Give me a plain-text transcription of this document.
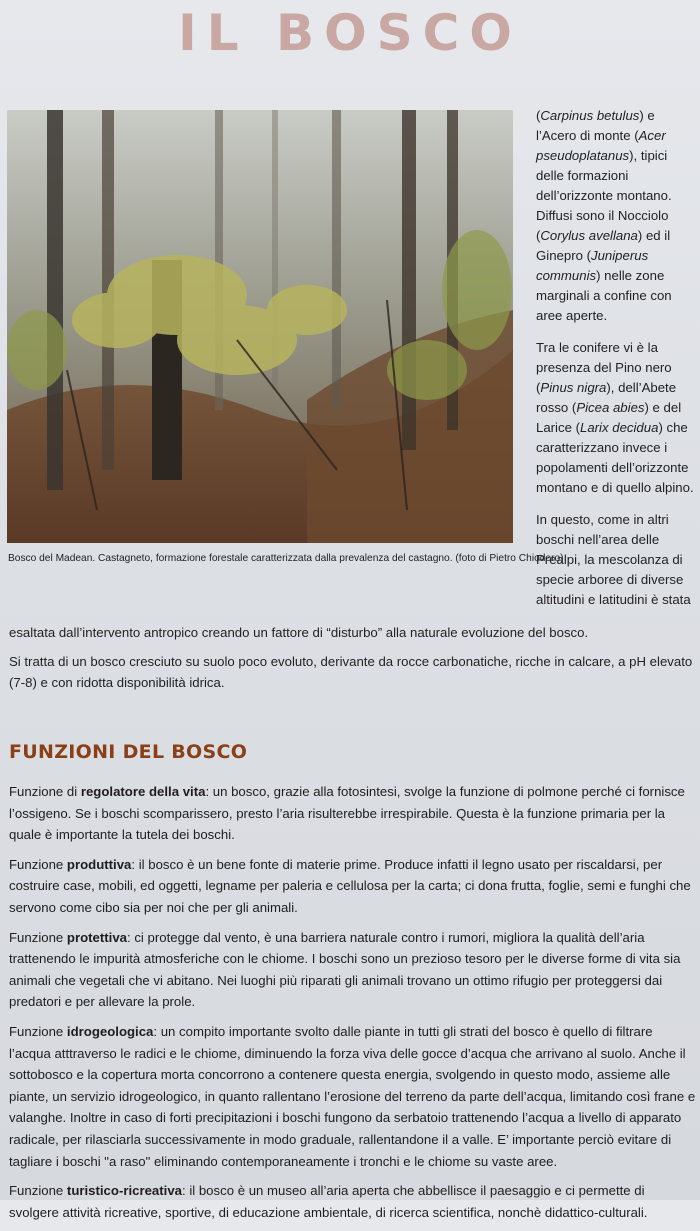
IL BOSCO
Bosco del Madean. Castagneto, formazione forestale caratterizzata dalla prevalenza del castagno. (foto di Pietro Chiodero)

(Carpinus betulus) e l’Acero di monte (Acer pseudoplatanus), tipici delle formazioni dell’orizzonte montano. Diffusi sono il Nocciolo (Corylus avellana) ed il Ginepro (Juniperus communis) nelle zone marginali a confine con aree aperte.

Tra le conifere vi è la presenza del Pino nero (Pinus nigra), dell’Abete rosso (Picea abies) e del Larice (Larix decidua) che caratterizzano invece i popolamenti dell’orizzonte montano e di quello alpino.

In questo, come in altri boschi nell’area delle Prealpi, la mescolanza di specie arboree di diverse altitudini e latitudini è stata

esaltata dall’intervento antropico creando un fattore di “disturbo” alla naturale evoluzione del bosco.

Si tratta di un bosco cresciuto su suolo poco evoluto, derivante da rocce carbonatiche, ricche in calcare, a pH elevato (7-8) e con ridotta disponibilità idrica.

FUNZIONI DEL BOSCO

Funzione di regolatore della vita: un bosco, grazie alla fotosintesi, svolge la funzione di polmone perché ci fornisce l’ossigeno. Se i boschi scomparissero, presto l’aria risulterebbe irrespirabile. Questa è la funzione primaria per la quale è importante la tutela dei boschi.

Funzione produttiva: il bosco è un bene fonte di materie prime. Produce infatti il legno usato per riscaldarsi, per costruire case, mobili, ed oggetti, legname per paleria e cellulosa per la carta; ci dona frutta, foglie, semi e funghi che servono come cibo sia per noi che per gli animali.

Funzione protettiva: ci protegge dal vento, è una barriera naturale contro i rumori, migliora la qualità dell’aria trattenendo le impurità atmosferiche con le chiome. I boschi sono un prezioso tesoro per le diverse forme di vita sia animali che vegetali che vi abitano. Nei luoghi più riparati gli animali trovano un ottimo rifugio per proteggersi dai predatori e per allevare la prole.

Funzione idrogeologica: un compito importante svolto dalle piante in tutti gli strati del bosco è quello di filtrare l’acqua atttraverso le radici e le chiome, diminuendo la forza viva delle gocce d’acqua che arrivano al suolo. Anche il sottobosco e la copertura morta concorrono a contenere questa energia, svolgendo in questo modo, assieme alle piante, un servizio idrogeologico, in quanto rallentano l’erosione del terreno da parte dell’acqua, limitando così frane e valanghe. Inoltre in caso di forti precipitazioni i boschi fungono da serbatoio trattenendo l’acqua a livello di apparato radicale, per rilasciarla successivamente in modo graduale, rallentandone il a valle. E’ importante perciò evitare di tagliare i boschi "a raso" eliminando contemporaneamente i tronchi e le chiome su vaste aree.

Funzione turistico-ricreativa: il bosco è un museo all’aria aperta che abbellisce il paesaggio e ci permette di svolgere attività ricreative, sportive, di educazione ambientale, di ricerca scientifica, nonchè didattico-culturali.
